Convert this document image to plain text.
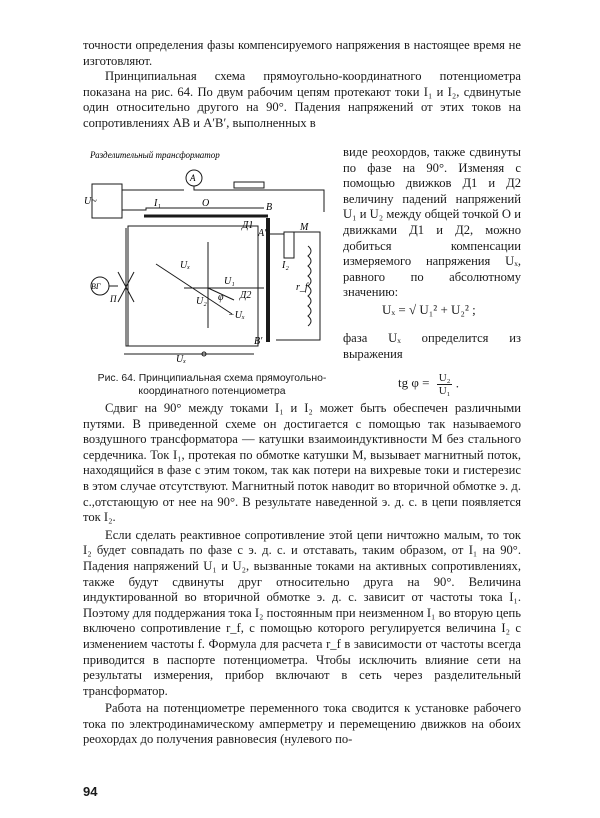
точности определения фазы компенсируемого напряжения в настоящее время не изготовляют.

Принципиальная схема прямоугольно-координатного потенциометра показана на рис. 64. По двум рабочим цепям протекают токи I₁ и I₂, сдвинутые один относительно другого на 90°. Падения напряжений от этих токов на сопротивлениях AB и A′B′, выполненных в

Разделительный трансформатор
A
U~	I₁	O	B
Д1
A′
M
I₂
Uₓ
U₁
φ
U₂
Д2
−Uₓ
r_f
ВГ
П
B′
Uₓ

виде реохордов, также сдвинуты по фазе на 90°. Изменяя с помощью движков Д1 и Д2 величину падений напряжений U₁ и U₂ между общей точкой O и движками Д1 и Д2, можно добиться компенсации измеряемого напряжения Uₓ, равного по абсолютному значению:

Uₓ = √ U₁² + U₂² ;
фаза Uₓ определится из выражения
tg $\varphi = \frac{\text{U₂}}{\text{U₁}}$ .
Рис. 64. Принципиальная схема прямоугольно-координатного потенциометра

Сдвиг на 90° между токами I₁ и I₂ может быть обеспечен различными путями. В приведенной схеме он достигается с помощью так называемого воздушного трансформатора — катушки взаимоиндуктивности M без стального сердечника. Ток I₁, протекая по обмотке катушки M, вызывает магнитный поток, находящийся в фазе с этим током, так как потери на вихревые токи и гистерезис в этом случае отсутствуют. Магнитный поток наводит во вторичной обмотке э. д. с.,отстающую от нее на 90°. В результате наведенной э. д. с. в цепи появляется ток I₂.

Если сделать реактивное сопротивление этой цепи ничтожно малым, то ток I₂ будет совпадать по фазе с э. д. с. и отставать, таким образом, от I₁ на 90°. Падения напряжений U₁ и U₂, вызванные токами на активных сопротивлениях, также будут сдвинуты друг относительно друга на 90°. Величина индуктированной во вторичной обмотке э. д. с. зависит от частоты тока I₁. Поэтому для поддержания тока I₂ постоянным при неизменном I₁ во вторую цепь включено сопротивление r_f, с помощью которого регулируется величина I₂ с изменением частоты f. Формула для расчета r_f в зависимости от частоты всегда приводится в паспорте потенциометра. Чтобы исключить влияние сети на результаты измерения, прибор включают в сеть через разделительный трансформатор.

Работа на потенциометре переменного тока сводится к установке рабочего тока по электродинамическому амперметру и перемещению движков на обоих реохордах до получения равновесия (нулевого по-

94
